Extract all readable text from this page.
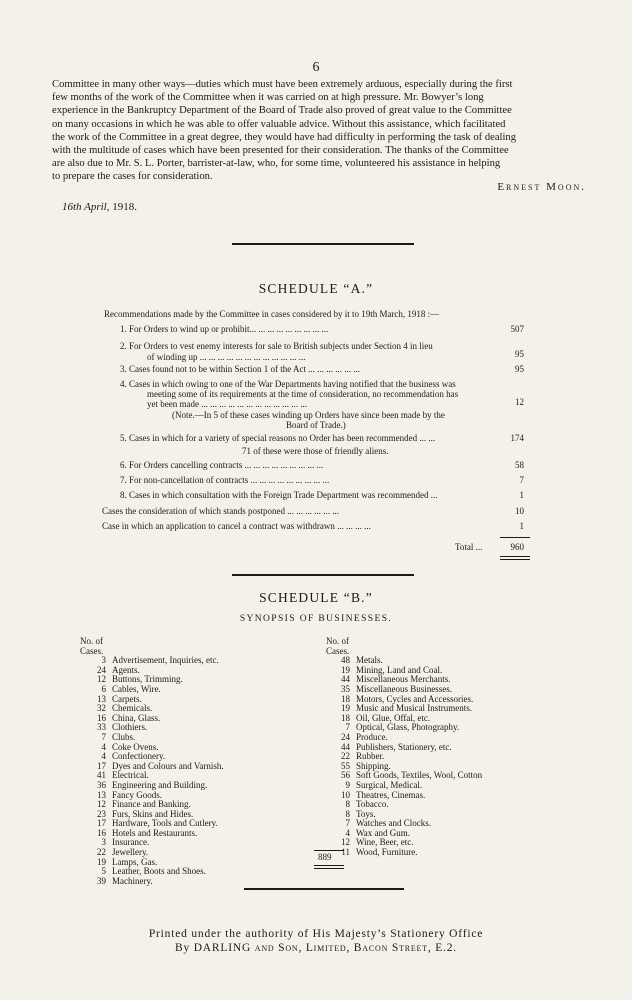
6
Committee in many other ways—duties which must have been extremely arduous, especially during the first
few months of the work of the Committee when it was carried on at high pressure. Mr. Bowyer’s long
experience in the Bankruptcy Department of the Board of Trade also proved of great value to the Committee
on many occasions in which he was able to offer valuable advice. Without this assistance, which facilitated
the work of the Committee in a great degree, they would have had difficulty in performing the task of dealing
with the multitude of cases which have been presented for their consideration. The thanks of the Committee
are also due to Mr. S. L. Porter, barrister-at-law, who, for some time, volunteered his assistance in helping
to prepare the cases for consideration.
Ernest Moon.
16th April, 1918.
SCHEDULE “A.”
Recommendations made by the Committee in cases considered by it to 19th March, 1918 :—
1. For Orders to wind up or prohibit... ... ... ... ... ... ... ... ...	507
2. For Orders to vest enemy interests for sale to British subjects under Section 4 in lieu
of winding up ... ... ... ... ... ... ... ... ... ... ... ...	95
3. Cases found not to be within Section 1 of the Act ... ... ... ... ... ...	95
4. Cases in which owing to one of the War Departments having notified that the business was
meeting some of its requirements at the time of consideration, no recommendation has
yet been made ... ... ... ... ... ... ... ... ... ... ... ...	12
(Note.—In 5 of these cases winding up Orders have since been made by the
Board of Trade.)
5. Cases in which for a variety of special reasons no Order has been recommended ... ...	174
71 of these were those of friendly aliens.
6. For Orders cancelling contracts ... ... ... ... ... ... ... ... ...	58
7. For non-cancellation of contracts ... ... ... ... ... ... ... ... ...	7
8. Cases in which consultation with the Foreign Trade Department was recommended ...	1
Cases the consideration of which stands postponed ... ... ... ... ... ...	10
Case in which an application to cancel a contract was withdrawn ... ... ... ...	1
Total ...	960
SCHEDULE “B.”
SYNOPSIS OF BUSINESSES.
No. of
Cases.
3 Advertisement, Inquiries, etc.
24 Agents.
12 Buttons, Trimming.
6 Cables, Wire.
13 Carpets.
32 Chemicals.
16 China, Glass.
33 Clothiers.
7 Clubs.
4 Coke Ovens.
4 Confectionery.
17 Dyes and Colours and Varnish.
41 Electrical.
36 Engineering and Building.
13 Fancy Goods.
12 Finance and Banking.
23 Furs, Skins and Hides.
17 Hardware, Tools and Cutlery.
16 Hotels and Restaurants.
3 Insurance.
22 Jewellery.
19 Lamps, Gas.
5 Leather, Boots and Shoes.
39 Machinery.
No. of
Cases.
48 Metals.
19 Mining, Land and Coal.
44 Miscellaneous Merchants.
35 Miscellaneous Businesses.
18 Motors, Cycles and Accessories.
19 Music and Musical Instruments.
18 Oil, Glue, Offal, etc.
7 Optical, Glass, Photography.
24 Produce.
44 Publishers, Stationery, etc.
22 Rubber.
55 Shipping.
56 Soft Goods, Textiles, Wool, Cotton
9 Surgical, Medical.
10 Theatres, Cinemas.
8 Tobacco.
8 Toys.
7 Watches and Clocks.
4 Wax and Gum.
12 Wine, Beer, etc.
11 Wood, Furniture.
889
Printed under the authority of His Majesty’s Stationery Office
By DARLING and Son, Limited, Bacon Street, E.2.
